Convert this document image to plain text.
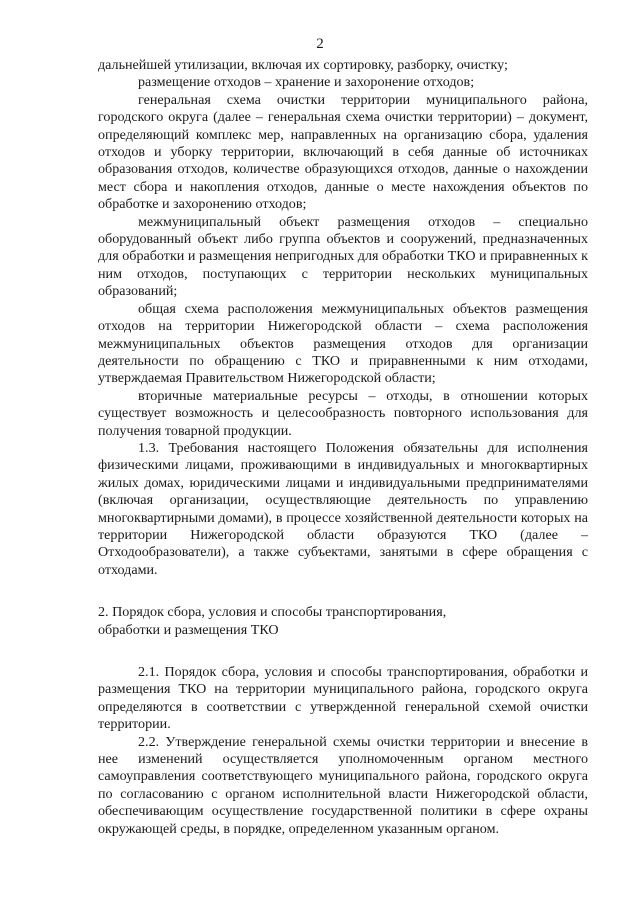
2

дальнейшей утилизации, включая их сортировку, разборку, очистку;

размещение отходов – хранение и захоронение отходов;

генеральная схема очистки территории муниципального района, городского округа (далее – генеральная схема очистки территории) – документ, определяющий комплекс мер, направленных на организацию сбора, удаления отходов и уборку территории, включающий в себя данные об источниках образования отходов, количестве образующихся отходов, данные о нахождении мест сбора и накопления отходов, данные о месте нахождения объектов по обработке и захоронению отходов;

межмуниципальный объект размещения отходов – специально оборудованный объект либо группа объектов и сооружений, предназначенных для обработки и размещения непригодных для обработки ТКО и приравненных к ним отходов, поступающих с территории нескольких муниципальных образований;

общая схема расположения межмуниципальных объектов размещения отходов на территории Нижегородской области – схема расположения межмуниципальных объектов размещения отходов для организации деятельности по обращению с ТКО и приравненными к ним отходами, утверждаемая Правительством Нижегородской области;

вторичные материальные ресурсы – отходы, в отношении которых существует возможность и целесообразность повторного использования для получения товарной продукции.

1.3. Требования настоящего Положения обязательны для исполнения физическими лицами, проживающими в индивидуальных и многоквартирных жилых домах, юридическими лицами и индивидуальными предпринимателями (включая организации, осуществляющие деятельность по управлению многоквартирными домами), в процессе хозяйственной деятельности которых на территории Нижегородской области образуются ТКО (далее – Отходообразователи), а также субъектами, занятыми в сфере обращения с отходами.

2. Порядок сбора, условия и способы транспортирования,
обработки и размещения ТКО

2.1. Порядок сбора, условия и способы транспортирования, обработки и размещения ТКО на территории муниципального района, городского округа определяются в соответствии с утвержденной генеральной схемой очистки территории.

2.2. Утверждение генеральной схемы очистки территории и внесение в нее изменений осуществляется уполномоченным органом местного самоуправления соответствующего муниципального района, городского округа по согласованию с органом исполнительной власти Нижегородской области, обеспечивающим осуществление государственной политики в сфере охраны окружающей среды, в порядке, определенном указанным органом.
